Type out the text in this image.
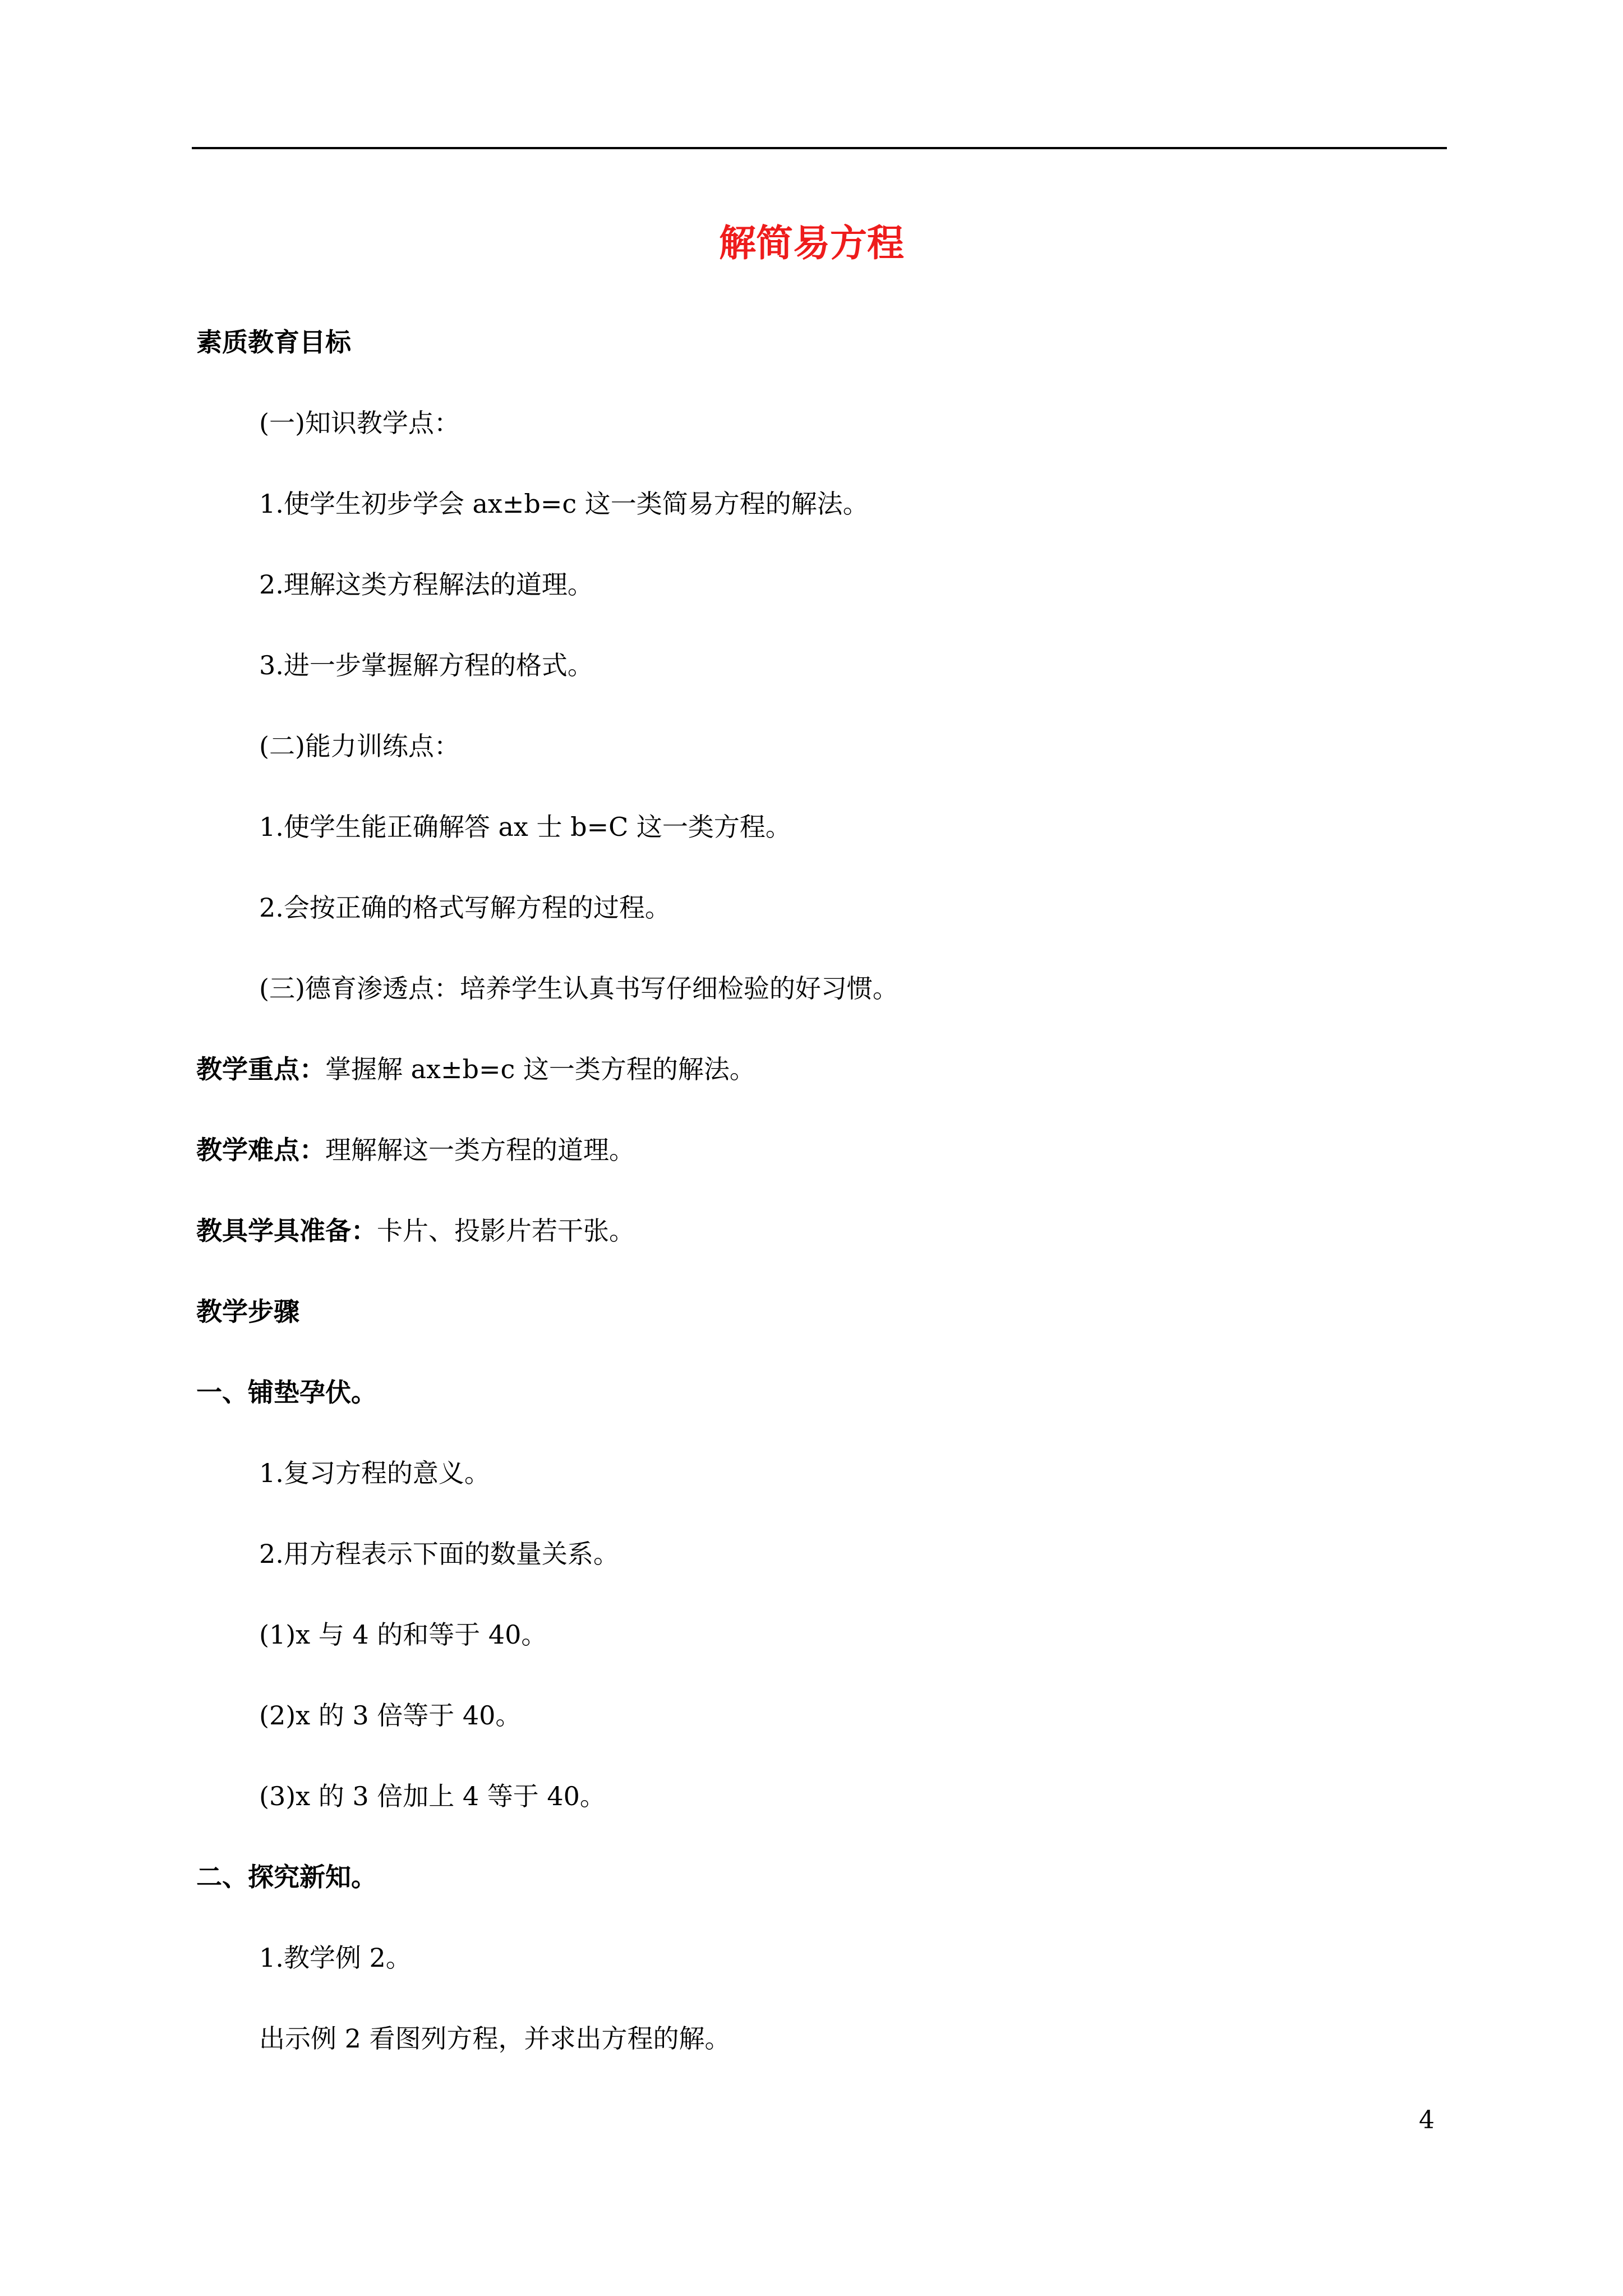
解简易方程
素质教育目标
(一)知识教学点：
1.使学生初步学会 ax±b=c 这一类简易方程的解法。
2.理解这类方程解法的道理。
3.进一步掌握解方程的格式。
(二)能力训练点：
1.使学生能正确解答 ax 士 b=C 这一类方程。
2.会按正确的格式写解方程的过程。
(三)德育渗透点：培养学生认真书写仔细检验的好习惯。
教学重点：掌握解 ax±b=c 这一类方程的解法。
教学难点：理解解这一类方程的道理。
教具学具准备：卡片、投影片若干张。
教学步骤
一、铺垫孕伏。
1.复习方程的意义。
2.用方程表示下面的数量关系。
(1)x 与 4 的和等于 40。
(2)x 的 3 倍等于 40。
(3)x 的 3 倍加上 4 等于 40。
二、探究新知。
1.教学例 2。
出示例 2 看图列方程，并求出方程的解。
4
